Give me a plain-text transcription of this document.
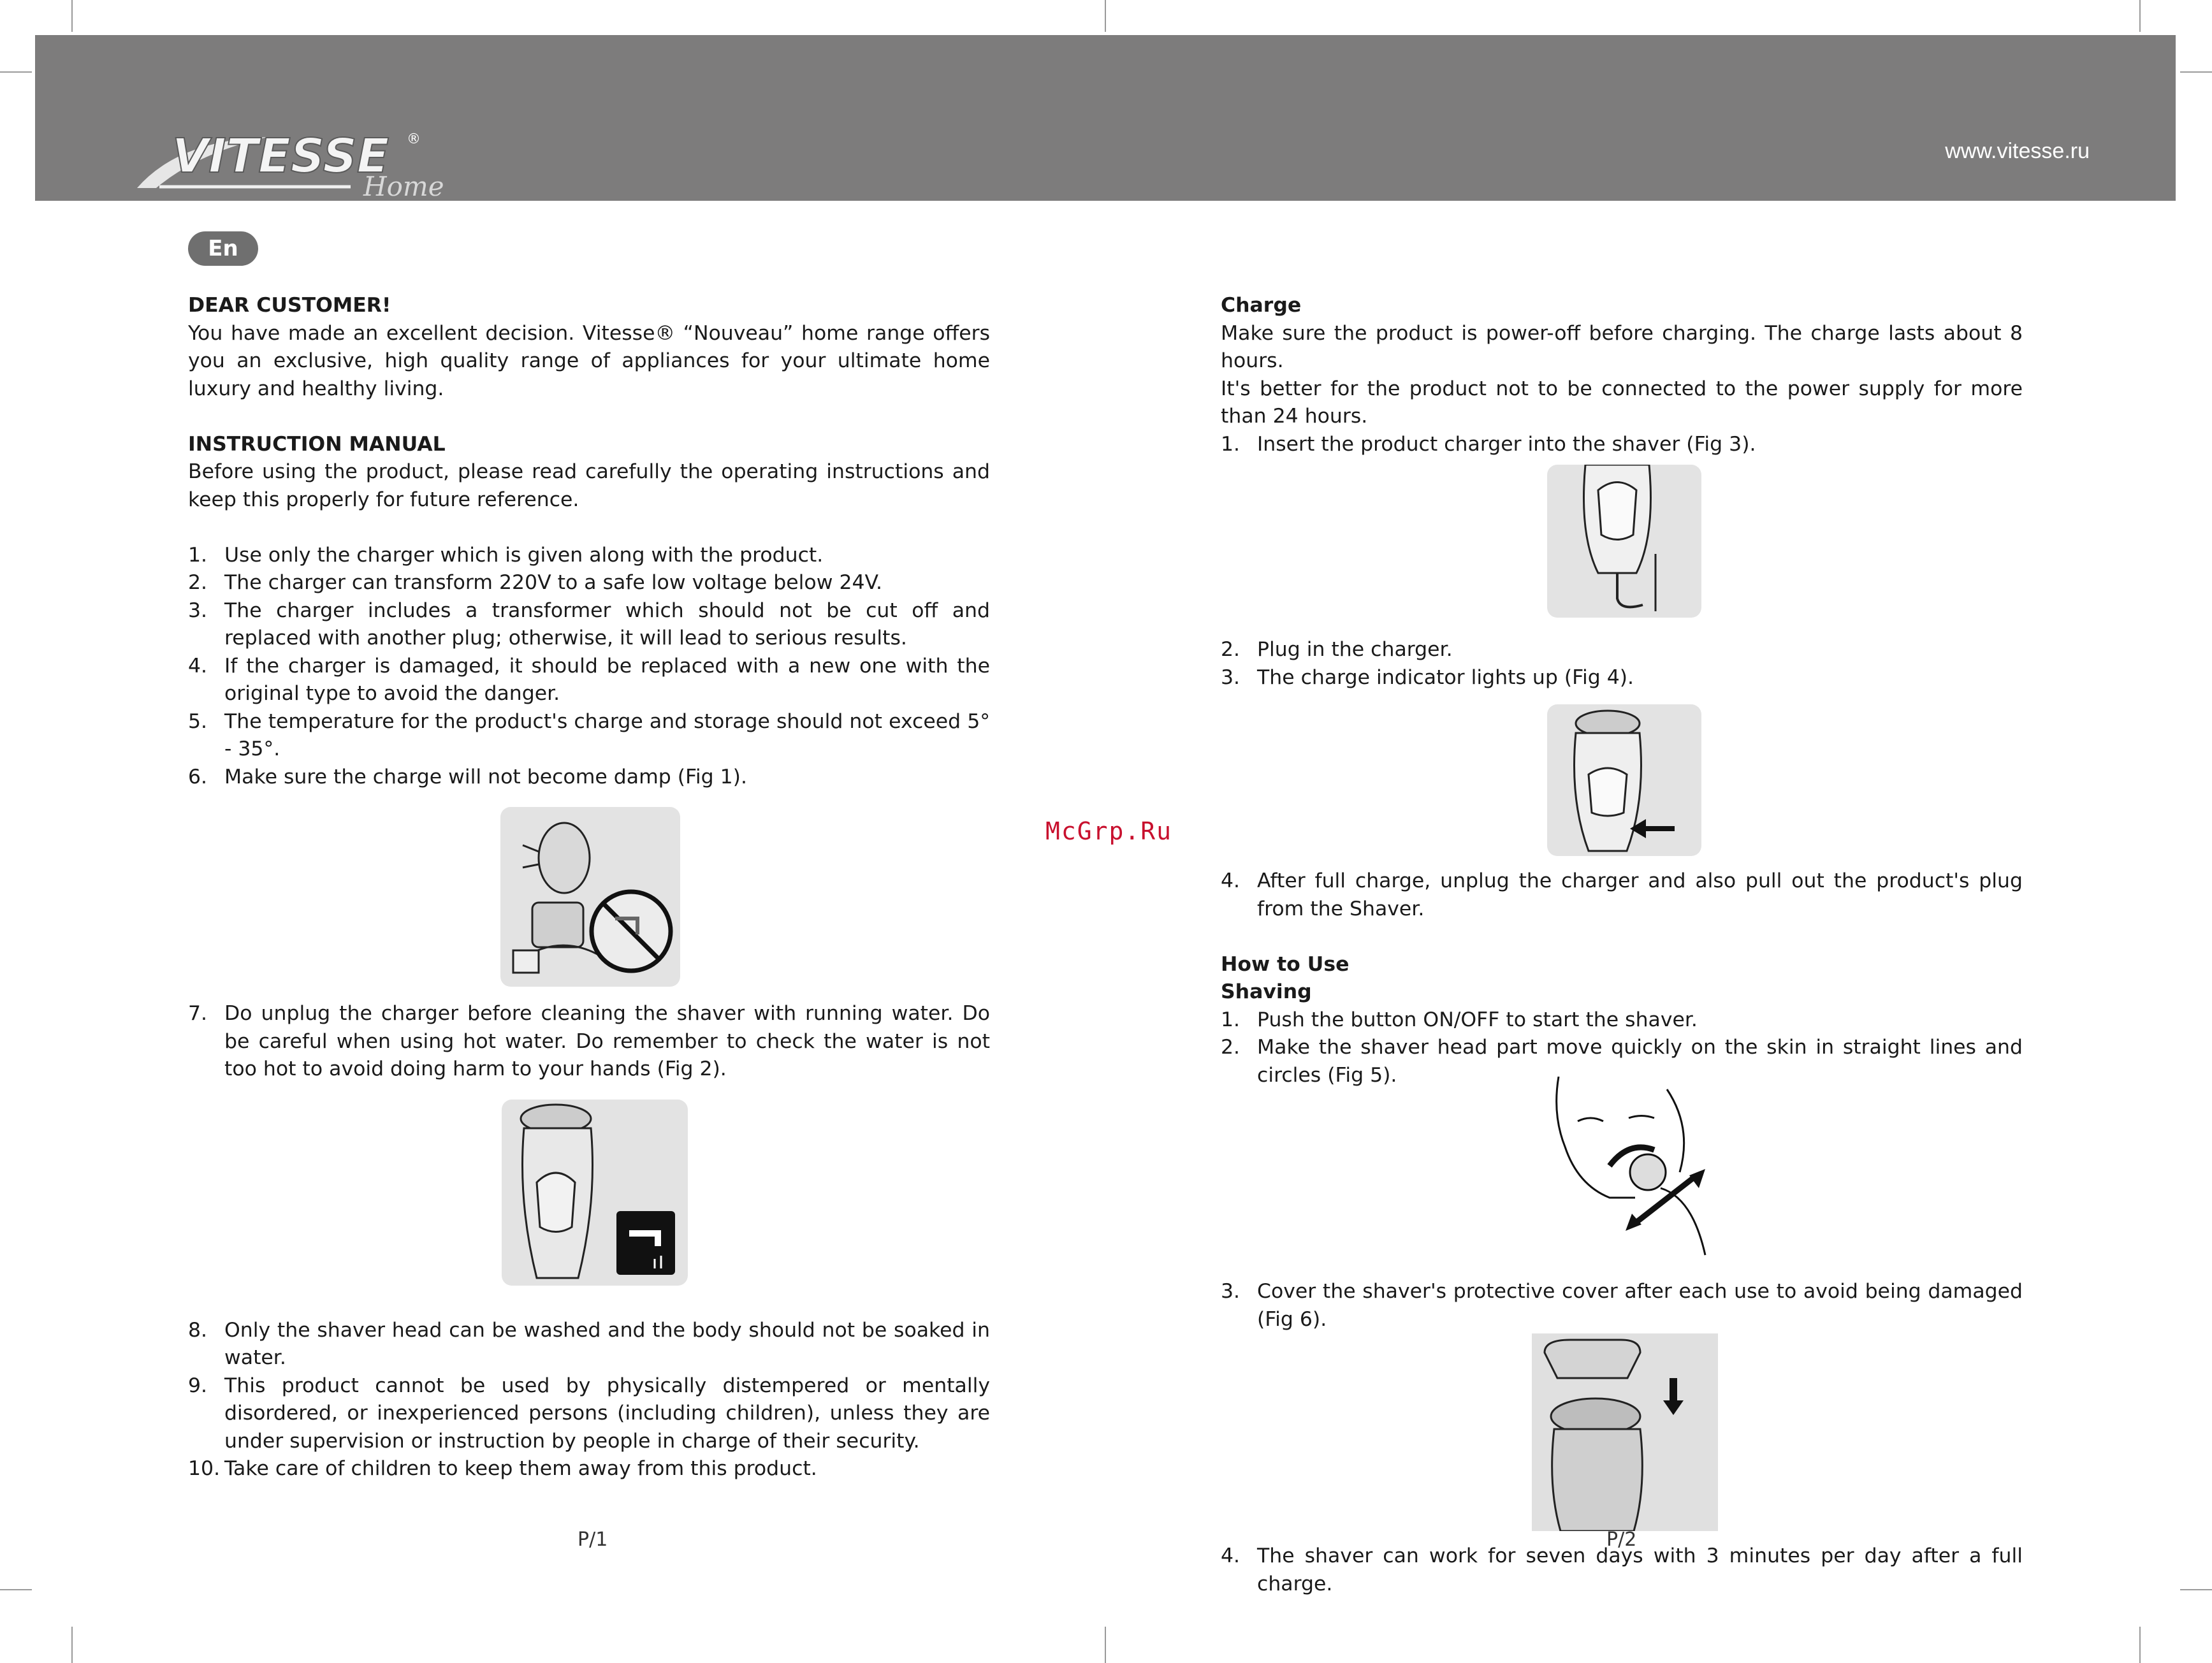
VITESSE ®
Home
www.vitesse.ru
En

DEAR CUSTOMER!

You have made an excellent decision. Vitesse® “Nouveau” home range offers you an exclusive, high quality range of appliances for your ultimate home luxury and healthy living.

INSTRUCTION MANUAL

Before using the product, please read carefully the operating instructions and keep this properly for future reference.

1. Use only the charger which is given along with the product.
2. The charger can transform 220V to a safe low voltage below 24V.
3. The charger includes a transformer which should not be cut off and replaced with another plug; otherwise, it will lead to serious results.
4. If the charger is damaged, it should be replaced with a new one with the original type to avoid the danger.
5. The temperature for the product's charge and storage should not exceed 5° - 35°.
6. Make sure the charge will not become damp (Fig 1).
7. Do unplug the charger before cleaning the shaver with running water. Do be careful when using hot water. Do remember to check the water is not too hot to avoid doing harm to your hands (Fig 2).
8. Only the shaver head can be washed and the body should not be soaked in water.
9. This product cannot be used by physically distempered or mentally disordered, or inexperienced persons (including children), unless they are under supervision or instruction by people in charge of their security.
10. Take care of children to keep them away from this product.
P/1
McGrp.Ru

Charge

Make sure the product is power-off before charging. The charge lasts about 8 hours.

It's better for the product not to be connected to the power supply for more than 24 hours.

1. Insert the product charger into the shaver (Fig 3).
2. Plug in the charger.
3. The charge indicator lights up (Fig 4).
4. After full charge, unplug the charger and also pull out the product's plug from the Shaver.

How to Use

Shaving

1. Push the button ON/OFF to start the shaver.
2. Make the shaver head part move quickly on the skin in straight lines and circles (Fig 5).
3. Cover the shaver's protective cover after each use to avoid being damaged (Fig 6).
4. The shaver can work for seven days with 3 minutes per day after a full charge.
P/2
